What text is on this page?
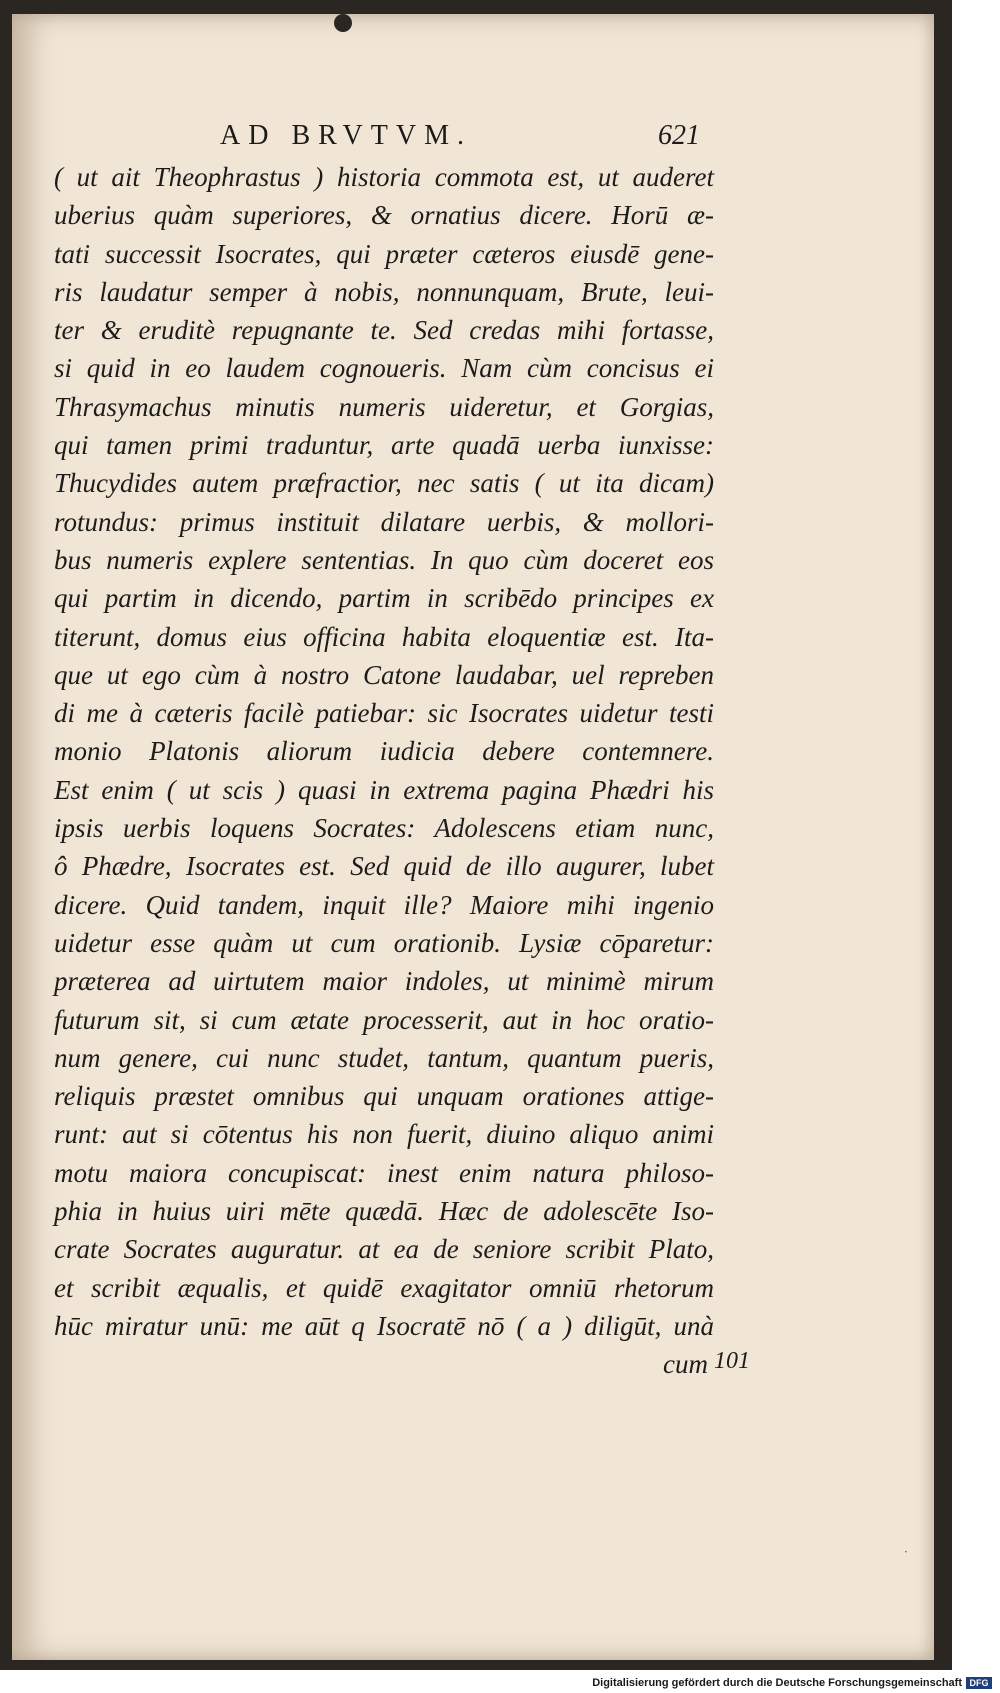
AD BRVTVM.	621
( ut ait Theophrastus ) historia commota est, ut auderet
uberius quàm superiores, & ornatius dicere. Horū æ-
tati successit Isocrates, qui præter cæteros eiusdē gene-
ris laudatur semper à nobis, nonnunquam, Brute, leui-
ter & eruditè repugnante te. Sed credas mihi fortasse,
si quid in eo laudem cognoueris. Nam cùm concisus ei
Thrasymachus minutis numeris uideretur, et Gorgias,
qui tamen primi traduntur, arte quadā uerba iunxisse:
Thucydides autem præfractior, nec satis ( ut ita dicam)
rotundus: primus instituit dilatare uerbis, & mollori-
bus numeris explere sententias. In quo cùm doceret eos
qui partim in dicendo, partim in scribēdo principes ex
titerunt, domus eius officina habita eloquentiæ est. Ita-
que ut ego cùm à nostro Catone laudabar, uel repreben
di me à cæteris facilè patiebar: sic Isocrates uidetur testi
monio Platonis aliorum iudicia debere contemnere.
Est enim ( ut scis ) quasi in extrema pagina Phædri his
ipsis uerbis loquens Socrates: Adolescens etiam nunc,
ô Phædre, Isocrates est. Sed quid de illo augurer, lubet
dicere. Quid tandem, inquit ille? Maiore mihi ingenio
uidetur esse quàm ut cum orationib. Lysiæ cōparetur:
præterea ad uirtutem maior indoles, ut minimè mirum
futurum sit, si cum ætate processerit, aut in hoc oratio-
num genere, cui nunc studet, tantum, quantum pueris,
reliquis præstet omnibus qui unquam orationes attige-
runt: aut si cōtentus his non fuerit, diuino aliquo animi
motu maiora concupiscat: inest enim natura philoso-
phia in huius uiri mēte quædā. Hæc de adolescēte Iso-
crate Socrates auguratur. at ea de seniore scribit Plato,
et scribit æqualis, et quidē exagitator omniū rhetorum
hūc miratur unū: me aūt q Isocratē nō ( a ) diligūt, unà
cum 101
·
Digitalisierung gefördert durch die Deutsche Forschungsgemeinschaft DFG
